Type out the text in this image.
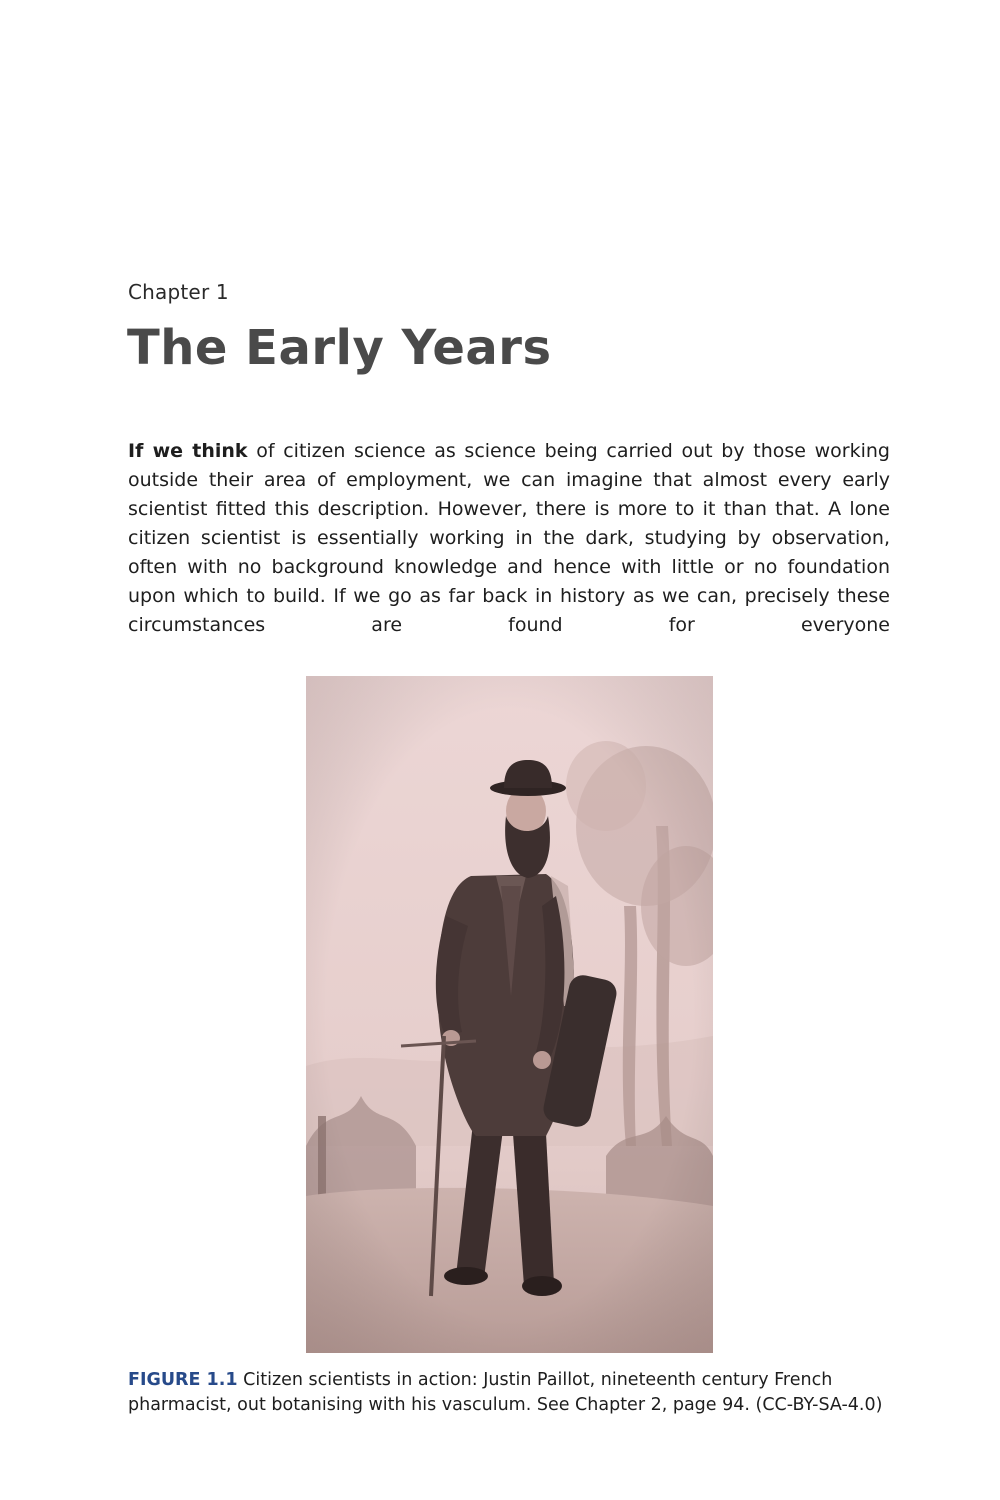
Chapter 1
The Early Years

If we think of citizen science as science being carried out by those working outside their area of employment, we can imagine that almost every early scientist fitted this description. However, there is more to it than that. A lone citizen scientist is essentially working in the dark, studying by observation, often with no background knowledge and hence with little or no foundation upon which to build. If we go as far back in history as we can, precisely these circumstances are found for everyone

FIGURE 1.1 Citizen scientists in action: Justin Paillot, nineteenth century French pharmacist, out botanising with his vasculum. See Chapter 2, page 94. (CC-BY-SA-4.0)
